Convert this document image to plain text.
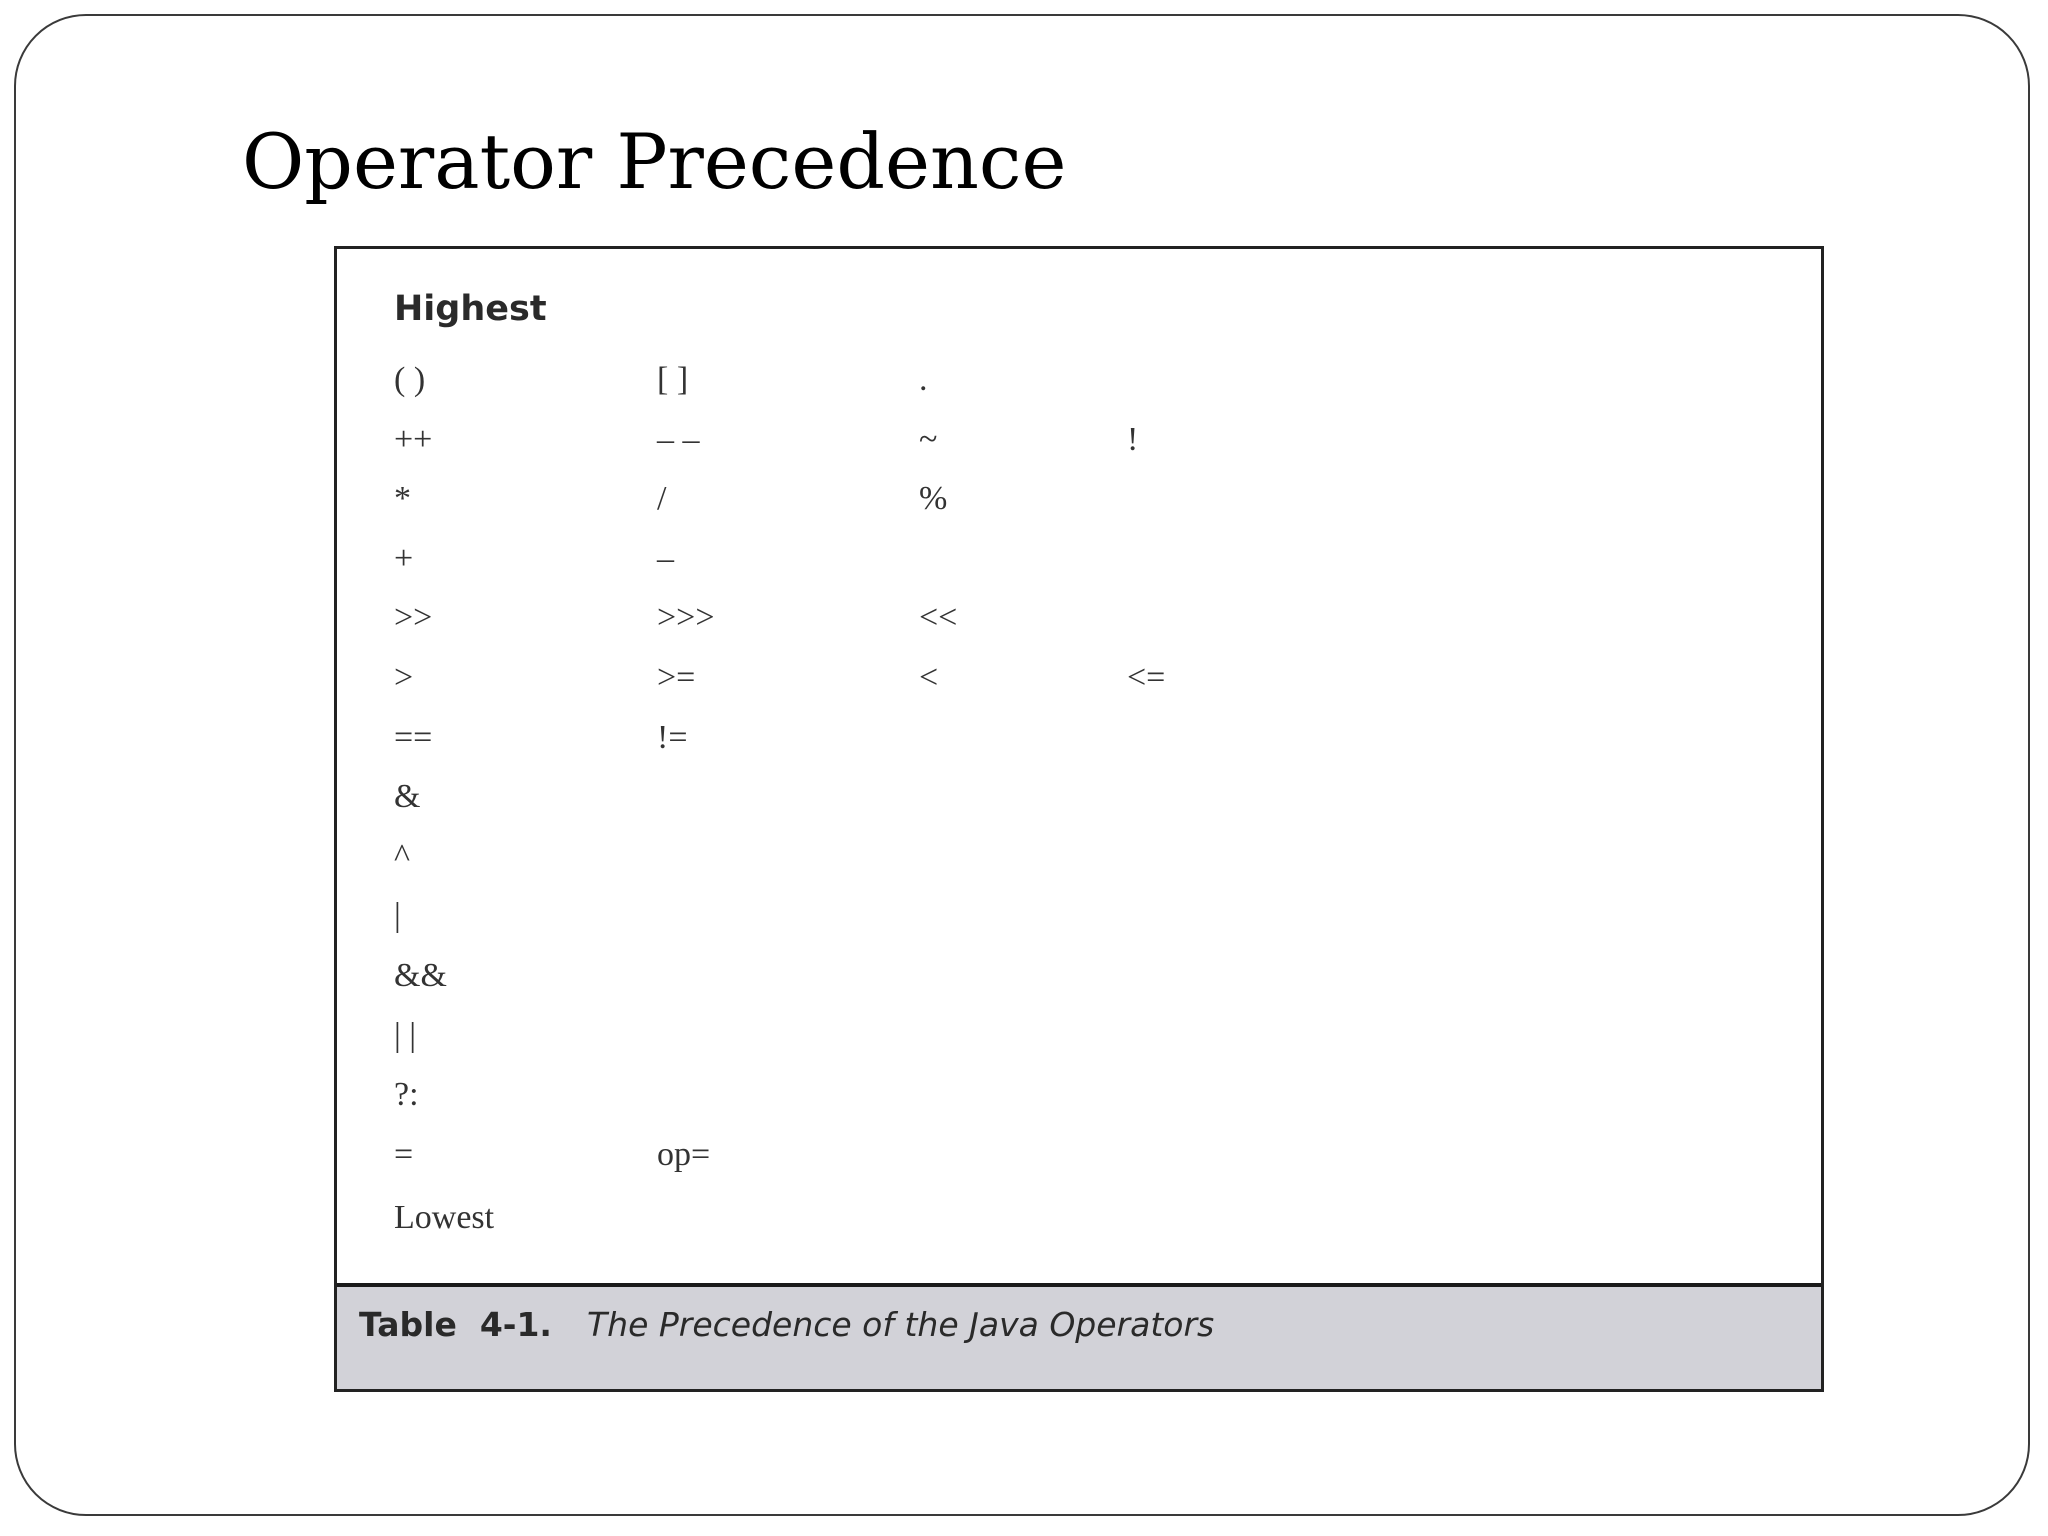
Operator Precedence
Highest
( )	[ ]	.
++	– –	~	!
*	/	%
+	–
>>	>>>	<<
>	>=	<	<=
==	!=
&
^
|
&&
| |
?:
=	op=
Lowest
Table  4-1. The Precedence of the Java Operators
